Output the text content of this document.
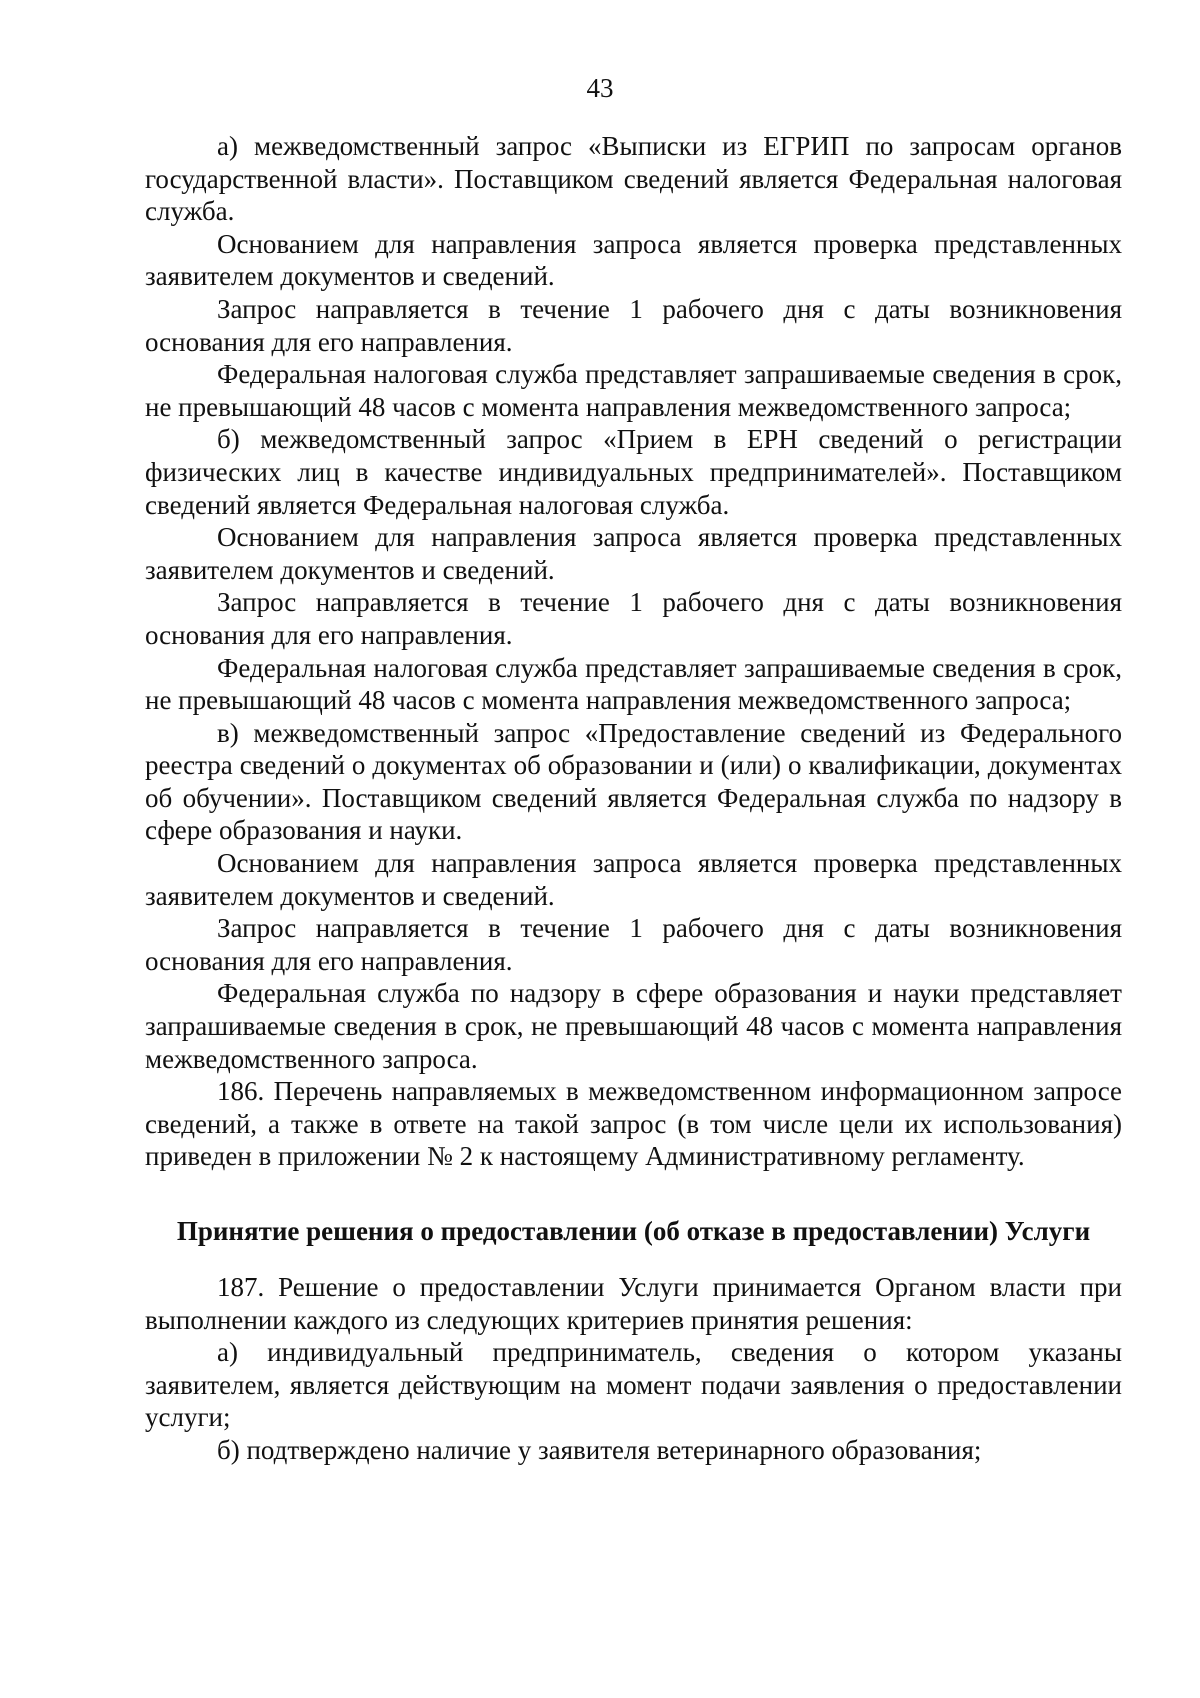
43

а) межведомственный запрос «Выписки из ЕГРИП по запросам органов государственной власти». Поставщиком сведений является Федеральная налоговая служба.

Основанием для направления запроса является проверка представленных заявителем документов и сведений.

Запрос направляется в течение 1 рабочего дня с даты возникновения основания для его направления.

Федеральная налоговая служба представляет запрашиваемые сведения в срок, не превышающий 48 часов с момента направления межведомственного запроса;

б) межведомственный запрос «Прием в ЕРН сведений о регистрации физических лиц в качестве индивидуальных предпринимателей». Поставщиком сведений является Федеральная налоговая служба.

Основанием для направления запроса является проверка представленных заявителем документов и сведений.

Запрос направляется в течение 1 рабочего дня с даты возникновения основания для его направления.

Федеральная налоговая служба представляет запрашиваемые сведения в срок, не превышающий 48 часов с момента направления межведомственного запроса;

в) межведомственный запрос «Предоставление сведений из Федерального реестра сведений о документах об образовании и (или) о квалификации, документах об обучении». Поставщиком сведений является Федеральная служба по надзору в сфере образования и науки.

Основанием для направления запроса является проверка представленных заявителем документов и сведений.

Запрос направляется в течение 1 рабочего дня с даты возникновения основания для его направления.

Федеральная служба по надзору в сфере образования и науки представляет запрашиваемые сведения в срок, не превышающий 48 часов с момента направления межведомственного запроса.

186. Перечень направляемых в межведомственном информационном запросе сведений, а также в ответе на такой запрос (в том числе цели их использования) приведен в приложении № 2 к настоящему Административному регламенту.

Принятие решения о предоставлении (об отказе в предоставлении) Услуги

187. Решение о предоставлении Услуги принимается Органом власти при выполнении каждого из следующих критериев принятия решения:

а) индивидуальный предприниматель, сведения о котором указаны заявителем, является действующим на момент подачи заявления о предоставлении услуги;

б) подтверждено наличие у заявителя ветеринарного образования;
